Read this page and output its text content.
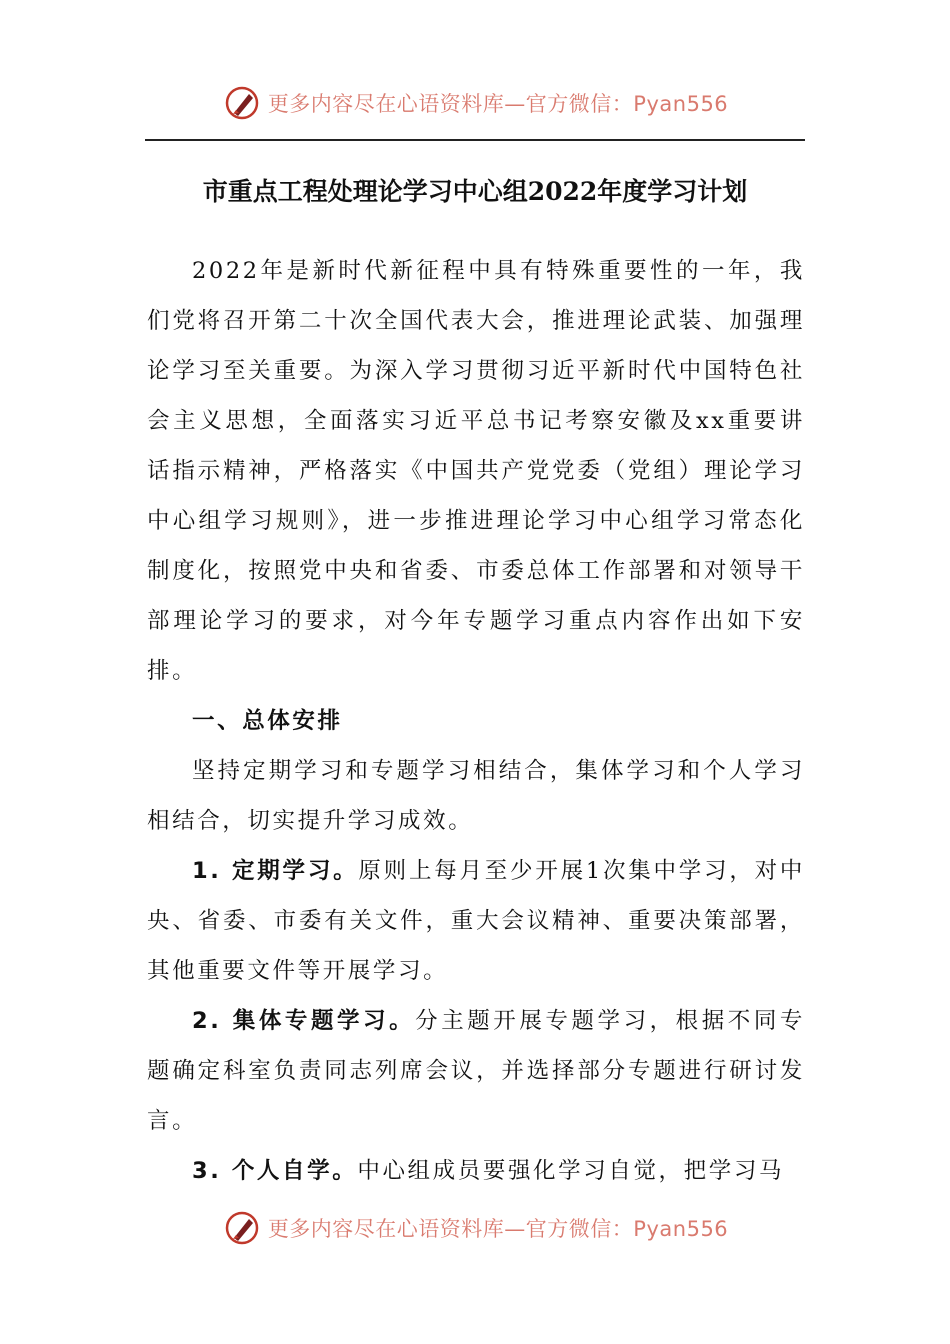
更多内容尽在心语资料库—官方微信：Pyan556
市重点工程处理论学习中心组2022年度学习计划

2022年是新时代新征程中具有特殊重要性的一年，我们党将召开第二十次全国代表大会，推进理论武装、加强理论学习至关重要。为深入学习贯彻习近平新时代中国特色社会主义思想，全面落实习近平总书记考察安徽及xx重要讲话指示精神，严格落实《中国共产党党委（党组）理论学习中心组学习规则》，进一步推进理论学习中心组学习常态化制度化，按照党中央和省委、市委总体工作部署和对领导干部理论学习的要求，对今年专题学习重点内容作出如下安排。

一、总体安排

坚持定期学习和专题学习相结合，集体学习和个人学习相结合，切实提升学习成效。

1. 定期学习。原则上每月至少开展1次集中学习，对中央、省委、市委有关文件，重大会议精神、重要决策部署，其他重要文件等开展学习。

2. 集体专题学习。分主题开展专题学习，根据不同专题确定科室负责同志列席会议，并选择部分专题进行研讨发言。

3. 个人自学。中心组成员要强化学习自觉，把学习马

更多内容尽在心语资料库—官方微信：Pyan556
